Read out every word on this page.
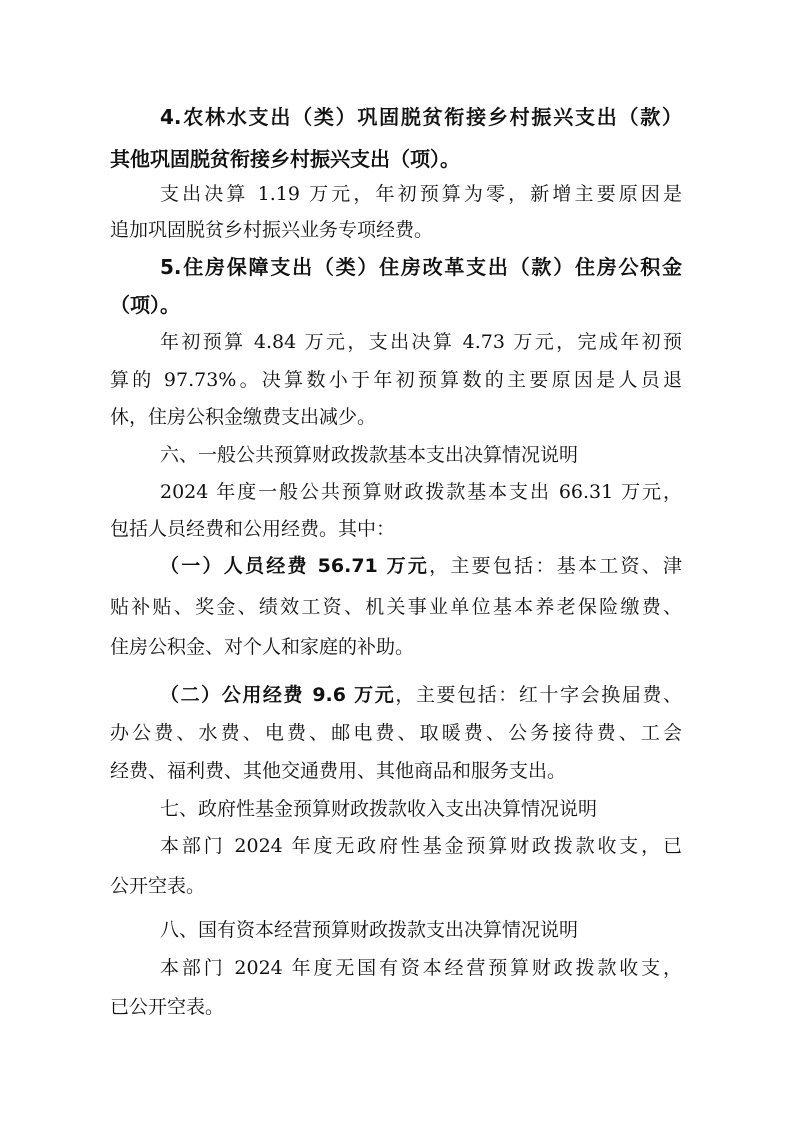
4.农林水支出（类）巩固脱贫衔接乡村振兴支出（款）
其他巩固脱贫衔接乡村振兴支出（项）。
支出决算 1.19 万元，年初预算为零，新增主要原因是
追加巩固脱贫乡村振兴业务专项经费。
5.住房保障支出（类）住房改革支出（款）住房公积金
（项）。
年初预算 4.84 万元，支出决算 4.73 万元，完成年初预
算的 97.73%。决算数小于年初预算数的主要原因是人员退
休，住房公积金缴费支出减少。
六、一般公共预算财政拨款基本支出决算情况说明
2024 年度一般公共预算财政拨款基本支出 66.31 万元，
包括人员经费和公用经费。其中：
（一）人员经费 56.71 万元，主要包括：基本工资、津
贴补贴、奖金、绩效工资、机关事业单位基本养老保险缴费、
住房公积金、对个人和家庭的补助。
（二）公用经费 9.6 万元，主要包括：红十字会换届费、
办公费、水费、电费、邮电费、取暖费、公务接待费、工会
经费、福利费、其他交通费用、其他商品和服务支出。
七、政府性基金预算财政拨款收入支出决算情况说明
本部门 2024 年度无政府性基金预算财政拨款收支，已
公开空表。
八、国有资本经营预算财政拨款支出决算情况说明
本部门 2024 年度无国有资本经营预算财政拨款收支，
已公开空表。
